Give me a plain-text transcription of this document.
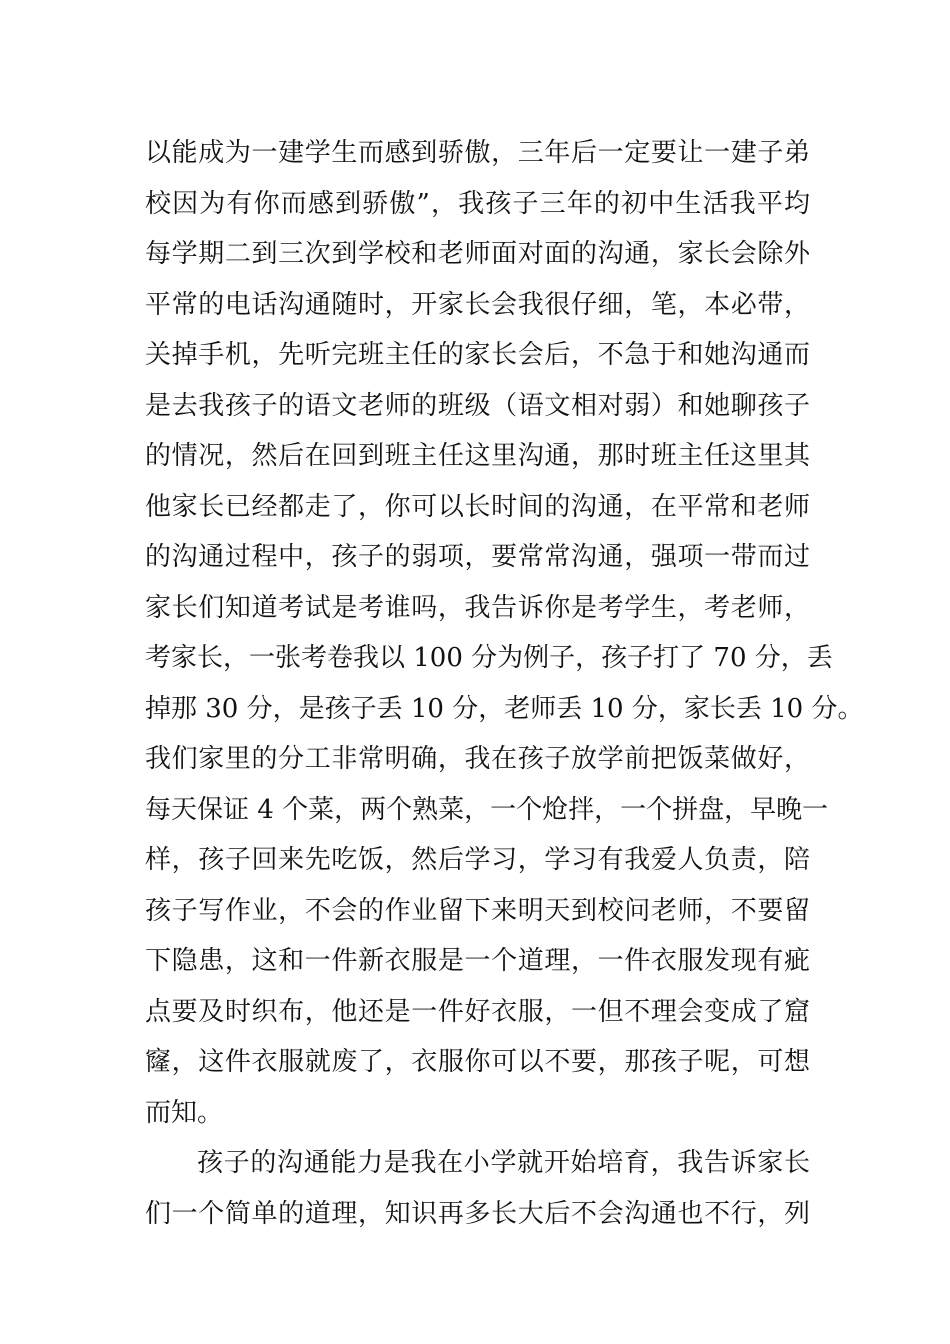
以能成为一建学生而感到骄傲，三年后一定要让一建子弟
校因为有你而感到骄傲”，我孩子三年的初中生活我平均
每学期二到三次到学校和老师面对面的沟通，家长会除外
平常的电话沟通随时，开家长会我很仔细，笔，本必带，
关掉手机，先听完班主任的家长会后，不急于和她沟通而
是去我孩子的语文老师的班级（语文相对弱）和她聊孩子
的情况，然后在回到班主任这里沟通，那时班主任这里其
他家长已经都走了，你可以长时间的沟通，在平常和老师
的沟通过程中，孩子的弱项，要常常沟通，强项一带而过
家长们知道考试是考谁吗，我告诉你是考学生，考老师，
考家长，一张考卷我以 100 分为例子，孩子打了 70 分，丢
掉那 30 分，是孩子丢 10 分，老师丢 10 分，家长丢 10 分。
我们家里的分工非常明确，我在孩子放学前把饭菜做好，
每天保证 4 个菜，两个熟菜，一个炝拌，一个拼盘，早晚一
样，孩子回来先吃饭，然后学习，学习有我爱人负责，陪
孩子写作业，不会的作业留下来明天到校问老师，不要留
下隐患，这和一件新衣服是一个道理，一件衣服发现有疵
点要及时织布，他还是一件好衣服，一但不理会变成了窟
窿，这件衣服就废了，衣服你可以不要，那孩子呢，可想
而知。
孩子的沟通能力是我在小学就开始培育，我告诉家长
们一个简单的道理，知识再多长大后不会沟通也不行，列
